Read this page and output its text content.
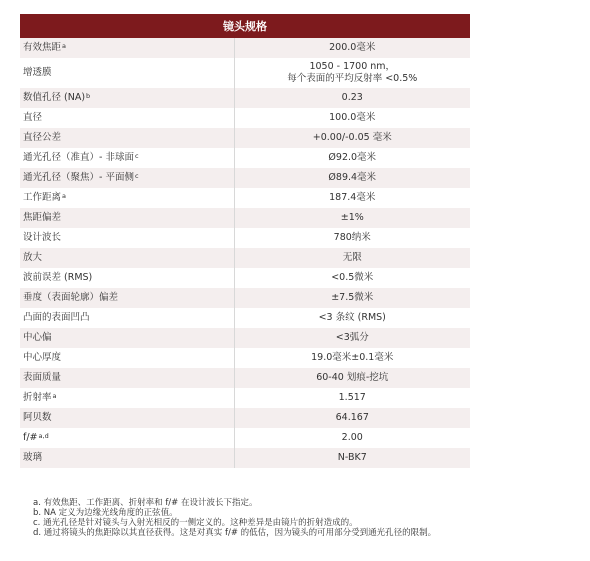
镜头规格	
有效焦距$^a$	200.0毫米

增透膜	1050 - 1700 nm，
每个表面的平均反射率 <0.5%

数值孔径 (NA)$^b$	0.23

直径	100.0毫米

直径公差	+0.00/-0.05 毫米

通光孔径（准直）- 非球面$^c$	Ø92.0毫米

通光孔径（聚焦）- 平面侧$^c$	Ø89.4毫米

工作距离$^a$	187.4毫米

焦距偏差	±1%

设计波长	780纳米

放大	无限

波前误差 (RMS)	<0.5微米

垂度（表面轮廓）偏差	±7.5微米

凸面的表面凹凸	<3 条纹 (RMS)

中心偏	<3弧分

中心厚度	19.0毫米±0.1毫米

表面质量	60-40 划痕-挖坑

折射率$^a$	1.517

阿贝数	64.167

f/#$^{a,d}$	2.00

玻璃	N-BK7
a. 有效焦距、工作距离、折射率和 f/# 在设计波长下指定。
b. NA 定义为边缘光线角度的正弦值。
c. 通光孔径是针对镜头与入射光相反的一侧定义的。这种差异是由镜片的折射造成的。
d. 通过将镜头的焦距除以其直径获得。这是对真实 f/# 的低估，因为镜头的可用部分受到通光孔径的限制。
